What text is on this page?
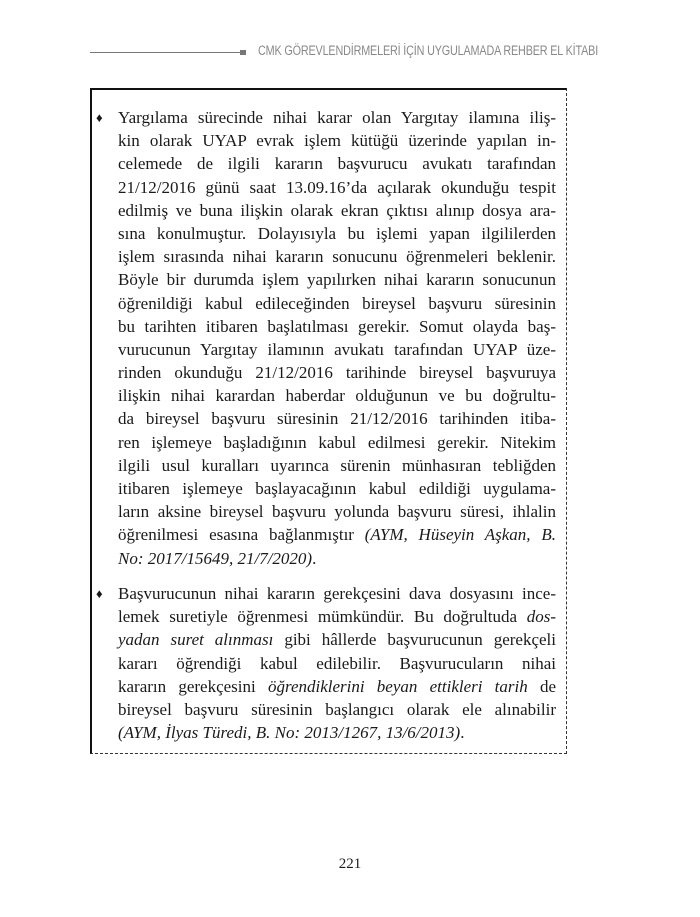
CMK GÖREVLENDİRMELERİ İÇİN UYGULAMADA REHBER EL KİTABI
♦ Yargılama sürecinde nihai karar olan Yargıtay ilamına iliş-
kin olarak UYAP evrak işlem kütüğü üzerinde yapılan in-
celemede de ilgili kararın başvurucu avukatı tarafından
21/12/2016 günü saat 13.09.16’da açılarak okunduğu tespit
edilmiş ve buna ilişkin olarak ekran çıktısı alınıp dosya ara-
sına konulmuştur. Dolayısıyla bu işlemi yapan ilgililerden
işlem sırasında nihai kararın sonucunu öğrenmeleri beklenir.
Böyle bir durumda işlem yapılırken nihai kararın sonucunun
öğrenildiği kabul edileceğinden bireysel başvuru süresinin
bu tarihten itibaren başlatılması gerekir. Somut olayda baş-
vurucunun Yargıtay ilamının avukatı tarafından UYAP üze-
rinden okunduğu 21/12/2016 tarihinde bireysel başvuruya
ilişkin nihai karardan haberdar olduğunun ve bu doğrultu-
da bireysel başvuru süresinin 21/12/2016 tarihinden itiba-
ren işlemeye başladığının kabul edilmesi gerekir. Nitekim
ilgili usul kuralları uyarınca sürenin münhasıran tebliğden
itibaren işlemeye başlayacağının kabul edildiği uygulama-
ların aksine bireysel başvuru yolunda başvuru süresi, ihlalin
öğrenilmesi esasına bağlanmıştır (AYM, Hüseyin Aşkan, B.
No: 2017/15649, 21/7/2020).
♦ Başvurucunun nihai kararın gerekçesini dava dosyasını ince-
lemek suretiyle öğrenmesi mümkündür. Bu doğrultuda dos-
yadan suret alınması gibi hâllerde başvurucunun gerekçeli
kararı öğrendiği kabul edilebilir. Başvurucuların nihai
kararın gerekçesini öğrendiklerini beyan ettikleri tarih de
bireysel başvuru süresinin başlangıcı olarak ele alınabilir
(AYM, İlyas Türedi, B. No: 2013/1267, 13/6/2013).
221
